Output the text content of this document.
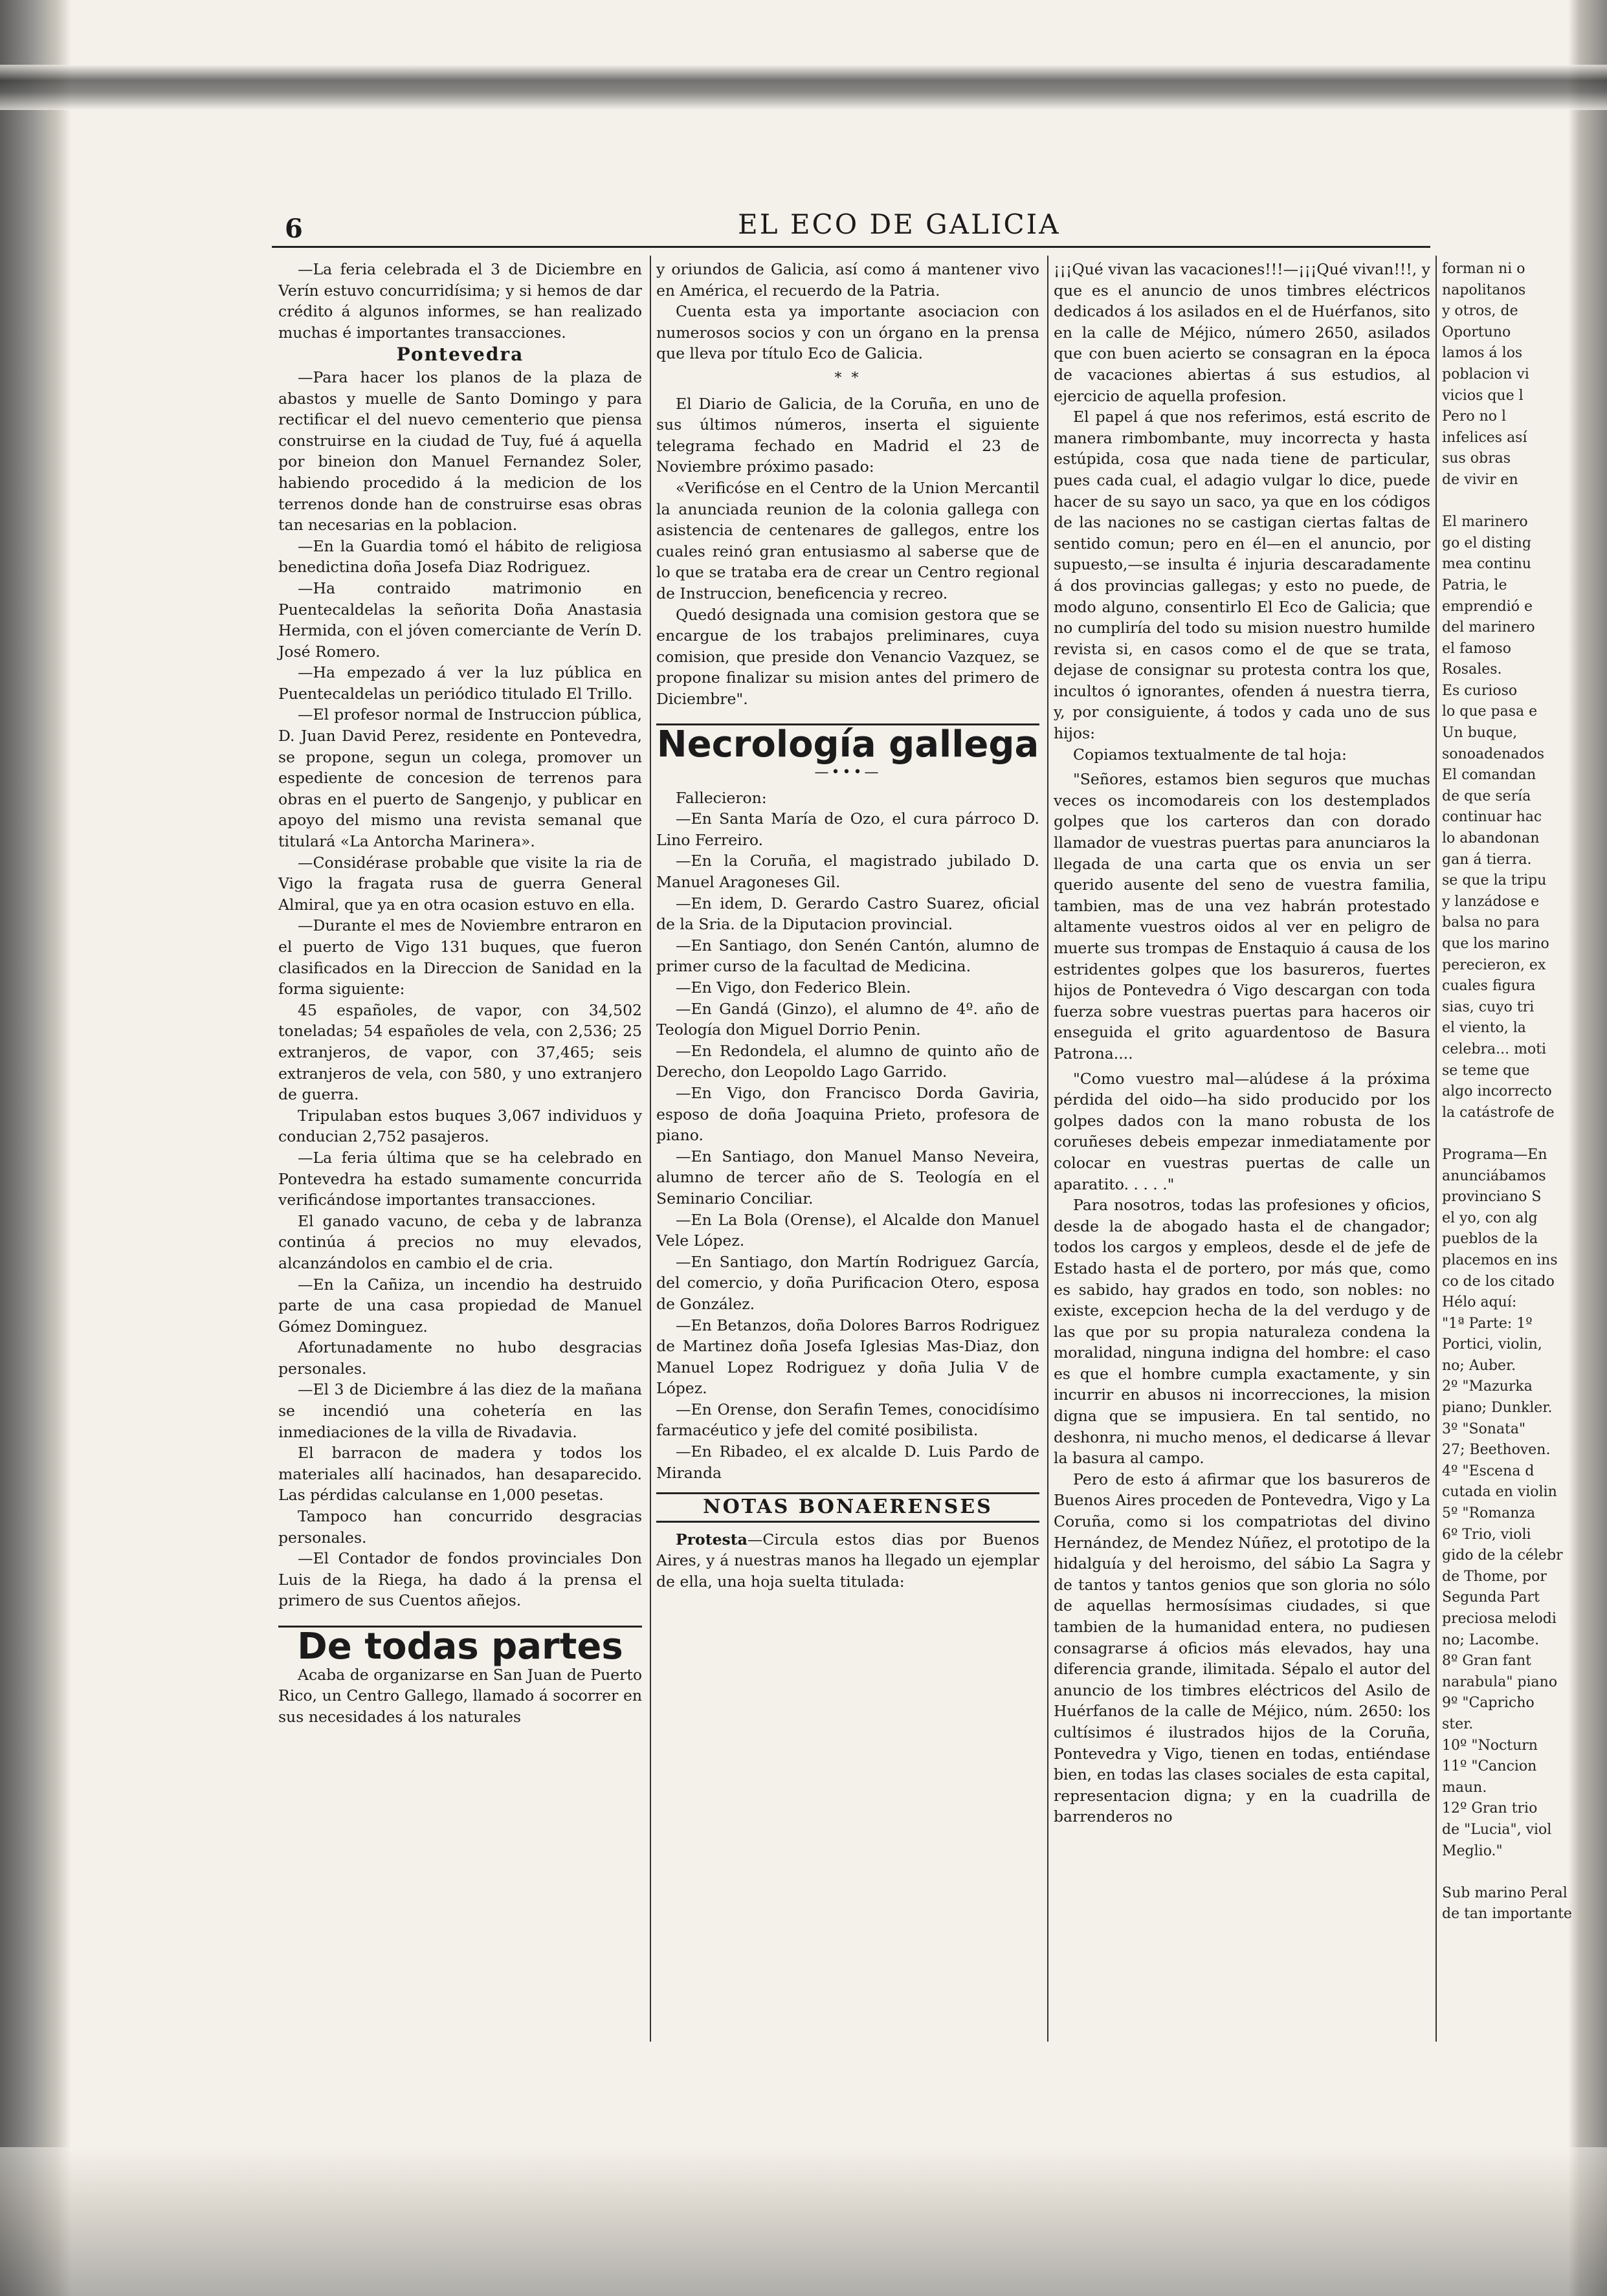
6	EL ECO DE GALICIA

—La feria celebrada el 3 de Diciembre en Verín estuvo concurridísima; y si hemos de dar crédito á algunos informes, se han realizado muchas é importantes transacciones.

Pontevedra

—Para hacer los planos de la plaza de abastos y muelle de Santo Domingo y para rectificar el del nuevo cementerio que piensa construirse en la ciudad de Tuy, fué á aquella por bineion don Manuel Fernandez Soler, habiendo procedido á la medicion de los terrenos donde han de construirse esas obras tan necesarias en la poblacion.

—En la Guardia tomó el hábito de religiosa benedictina doña Josefa Diaz Rodriguez.

—Ha contraido matrimonio en Puentecaldelas la señorita Doña Anastasia Hermida, con el jóven comerciante de Verín D. José Romero.

—Ha empezado á ver la luz pública en Puentecaldelas un periódico titulado El Trillo.

—El profesor normal de Instruccion pública, D. Juan David Perez, residente en Pontevedra, se propone, segun un colega, promover un espediente de concesion de terrenos para obras en el puerto de Sangenjo, y publicar en apoyo del mismo una revista semanal que titulará «La Antorcha Marinera».

—Considérase probable que visite la ria de Vigo la fragata rusa de guerra General Almiral, que ya en otra ocasion estuvo en ella.

—Durante el mes de Noviembre entraron en el puerto de Vigo 131 buques, que fueron clasificados en la Direccion de Sanidad en la forma siguiente:

45 españoles, de vapor, con 34,502 toneladas; 54 españoles de vela, con 2,536; 25 extranjeros, de vapor, con 37,465; seis extranjeros de vela, con 580, y uno extranjero de guerra.

Tripulaban estos buques 3,067 individuos y conducian 2,752 pasajeros.

—La feria última que se ha celebrado en Pontevedra ha estado sumamente concurrida verificándose importantes transacciones.

El ganado vacuno, de ceba y de labranza continúa á precios no muy elevados, alcanzándolos en cambio el de cria.

—En la Cañiza, un incendio ha destruido parte de una casa propiedad de Manuel Gómez Dominguez.

Afortunadamente no hubo desgracias personales.

—El 3 de Diciembre á las diez de la mañana se incendió una cohetería en las inmediaciones de la villa de Rivadavia.

El barracon de madera y todos los materiales allí hacinados, han desaparecido. Las pérdidas calculanse en 1,000 pesetas.

Tampoco han concurrido desgracias personales.

—El Contador de fondos provinciales Don Luis de la Riega, ha dado á la prensa el primero de sus Cuentos añejos.

De todas partes

Acaba de organizarse en San Juan de Puerto Rico, un Centro Gallego, llamado á socorrer en sus necesidades á los naturales

y oriundos de Galicia, así como á mantener vivo en América, el recuerdo de la Patria.

Cuenta esta ya importante asociacion con numerosos socios y con un órgano en la prensa que lleva por título Eco de Galicia.

* *

El Diario de Galicia, de la Coruña, en uno de sus últimos números, inserta el siguiente telegrama fechado en Madrid el 23 de Noviembre próximo pasado:

«Verificóse en el Centro de la Union Mercantil la anunciada reunion de la colonia gallega con asistencia de centenares de gallegos, entre los cuales reinó gran entusiasmo al saberse que de lo que se trataba era de crear un Centro regional de Instruccion, beneficencia y recreo.

Quedó designada una comision gestora que se encargue de los trabajos preliminares, cuya comision, que preside don Venancio Vazquez, se propone finalizar su mision antes del primero de Diciembre".

Necrología gallega
—•••—

Fallecieron:

—En Santa María de Ozo, el cura párroco D. Lino Ferreiro.

—En la Coruña, el magistrado jubilado D. Manuel Aragoneses Gil.

—En idem, D. Gerardo Castro Suarez, oficial de la Sria. de la Diputacion provincial.

—En Santiago, don Senén Cantón, alumno de primer curso de la facultad de Medicina.

—En Vigo, don Federico Blein.

—En Gandá (Ginzo), el alumno de 4º. año de Teología don Miguel Dorrio Penin.

—En Redondela, el alumno de quinto año de Derecho, don Leopoldo Lago Garrido.

—En Vigo, don Francisco Dorda Gaviria, esposo de doña Joaquina Prieto, profesora de piano.

—En Santiago, don Manuel Manso Neveira, alumno de tercer año de S. Teología en el Seminario Conciliar.

—En La Bola (Orense), el Alcalde don Manuel Vele López.

—En Santiago, don Martín Rodriguez García, del comercio, y doña Purificacion Otero, esposa de González.

—En Betanzos, doña Dolores Barros Rodriguez de Martinez doña Josefa Iglesias Mas-Diaz, don Manuel Lopez Rodriguez y doña Julia V de López.

—En Orense, don Serafin Temes, conocidísimo farmacéutico y jefe del comité posibilista.

—En Ribadeo, el ex alcalde D. Luis Pardo de Miranda

NOTAS BONAERENSES

Protesta—Circula estos dias por Buenos Aires, y á nuestras manos ha llegado un ejemplar de ella, una hoja suelta titulada:

¡¡¡Qué vivan las vacaciones!!!—¡¡¡Qué vivan!!!, y que es el anuncio de unos timbres eléctricos dedicados á los asilados en el de Huérfanos, sito en la calle de Méjico, número 2650, asilados que con buen acierto se consagran en la época de vacaciones abiertas á sus estudios, al ejercicio de aquella profesion.

El papel á que nos referimos, está escrito de manera rimbombante, muy incorrecta y hasta estúpida, cosa que nada tiene de particular, pues cada cual, el adagio vulgar lo dice, puede hacer de su sayo un saco, ya que en los códigos de las naciones no se castigan ciertas faltas de sentido comun; pero en él—en el anuncio, por supuesto,—se insulta é injuria descaradamente á dos provincias gallegas; y esto no puede, de modo alguno, consentirlo El Eco de Galicia; que no cumpliría del todo su mision nuestro humilde revista si, en casos como el de que se trata, dejase de consignar su protesta contra los que, incultos ó ignorantes, ofenden á nuestra tierra, y, por consiguiente, á todos y cada uno de sus hijos:

Copiamos textualmente de tal hoja:

"Señores, estamos bien seguros que muchas veces os incomodareis con los destemplados golpes que los carteros dan con dorado llamador de vuestras puertas para anunciaros la llegada de una carta que os envia un ser querido ausente del seno de vuestra familia, tambien, mas de una vez habrán protestado altamente vuestros oidos al ver en peligro de muerte sus trompas de Enstaquio á causa de los estridentes golpes que los basureros, fuertes hijos de Pontevedra ó Vigo descargan con toda fuerza sobre vuestras puertas para haceros oir enseguida el grito aguardentoso de Basura Patrona....

"Como vuestro mal—alúdese á la próxima pérdida del oido—ha sido producido por los golpes dados con la mano robusta de los coruñeses debeis empezar inmediatamente por colocar en vuestras puertas de calle un aparatito. . . . ."

Para nosotros, todas las profesiones y oficios, desde la de abogado hasta el de changador; todos los cargos y empleos, desde el de jefe de Estado hasta el de portero, por más que, como es sabido, hay grados en todo, son nobles: no existe, excepcion hecha de la del verdugo y de las que por su propia naturaleza condena la moralidad, ninguna indigna del hombre: el caso es que el hombre cumpla exactamente, y sin incurrir en abusos ni incorrecciones, la mision digna que se impusiera. En tal sentido, no deshonra, ni mucho menos, el dedicarse á llevar la basura al campo.

Pero de esto á afirmar que los basureros de Buenos Aires proceden de Pontevedra, Vigo y La Coruña, como si los compatriotas del divino Hernández, de Mendez Núñez, el prototipo de la hidalguía y del heroismo, del sábio La Sagra y de tantos y tantos genios que son gloria no sólo de aquellas hermosísimas ciudades, si que tambien de la humanidad entera, no pudiesen consagrarse á oficios más elevados, hay una diferencia grande, ilimitada. Sépalo el autor del anuncio de los timbres eléctricos del Asilo de Huérfanos de la calle de Méjico, núm. 2650: los cultísimos é ilustrados hijos de la Coruña, Pontevedra y Vigo, tienen en todas, entiéndase bien, en todas las clases sociales de esta capital, representacion digna; y en la cuadrilla de barrenderos no

forman ni o
napolitanos
y otros, de
Oportuno
lamos á los
poblacion vi
vicios que l
Pero no l
infelices así
sus obras
de vivir en
El marinero
go el disting
mea continu
Patria, le
emprendió e
del marinero
el famoso
Rosales.
Es curioso
lo que pasa e
Un buque,
sonoadenados
El comandan
de que sería
continuar hac
lo abandonan
gan á tierra.
se que la tripu
y lanzádose e
balsa no para
que los marino
perecieron, ex
cuales figura
sias, cuyo tri
el viento, la
celebra... moti
se teme que
algo incorrecto
la catástrofe de
Programa—En
anunciábamos
provinciano S
el yo, con alg
pueblos de la
placemos en ins
co de los citado
Hélo aquí:
"1ª Parte: 1º
Portici, violin,
no; Auber.
2º "Mazurka
piano; Dunkler.
3º "Sonata"
27; Beethoven.
4º "Escena d
cutada en violin
5º "Romanza
6º Trio, violi
gido de la célebr
de Thome, por
Segunda Part
preciosa melodi
no; Lacombe.
8º Gran fant
narabula" piano
9º "Capricho
ster.
10º "Nocturn
11º "Cancion
maun.
12º Gran trio
de "Lucia", viol
Meglio."
Sub marino Peral
de tan importante
